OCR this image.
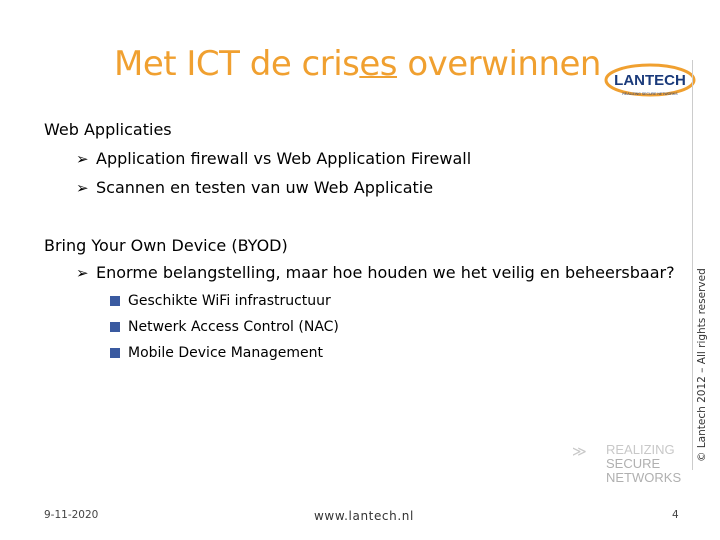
Met ICT de crises overwinnen LANTECH
REALIZING SECURE NETWORKS
© Lantech 2012 – All rights reserved
Web Applicaties
➢ Application firewall vs Web Application Firewall
➢ Scannen en testen van uw Web Applicatie
Bring Your Own Device (BYOD)
➢ Enorme belangstelling, maar hoe houden we het veilig en beheersbaar?
Geschikte WiFi infrastructuur
Netwerk Access Control (NAC)
Mobile Device Management
≫ REALIZING
SECURE
NETWORKS
9-11-2020	www.lantech.nl	4
